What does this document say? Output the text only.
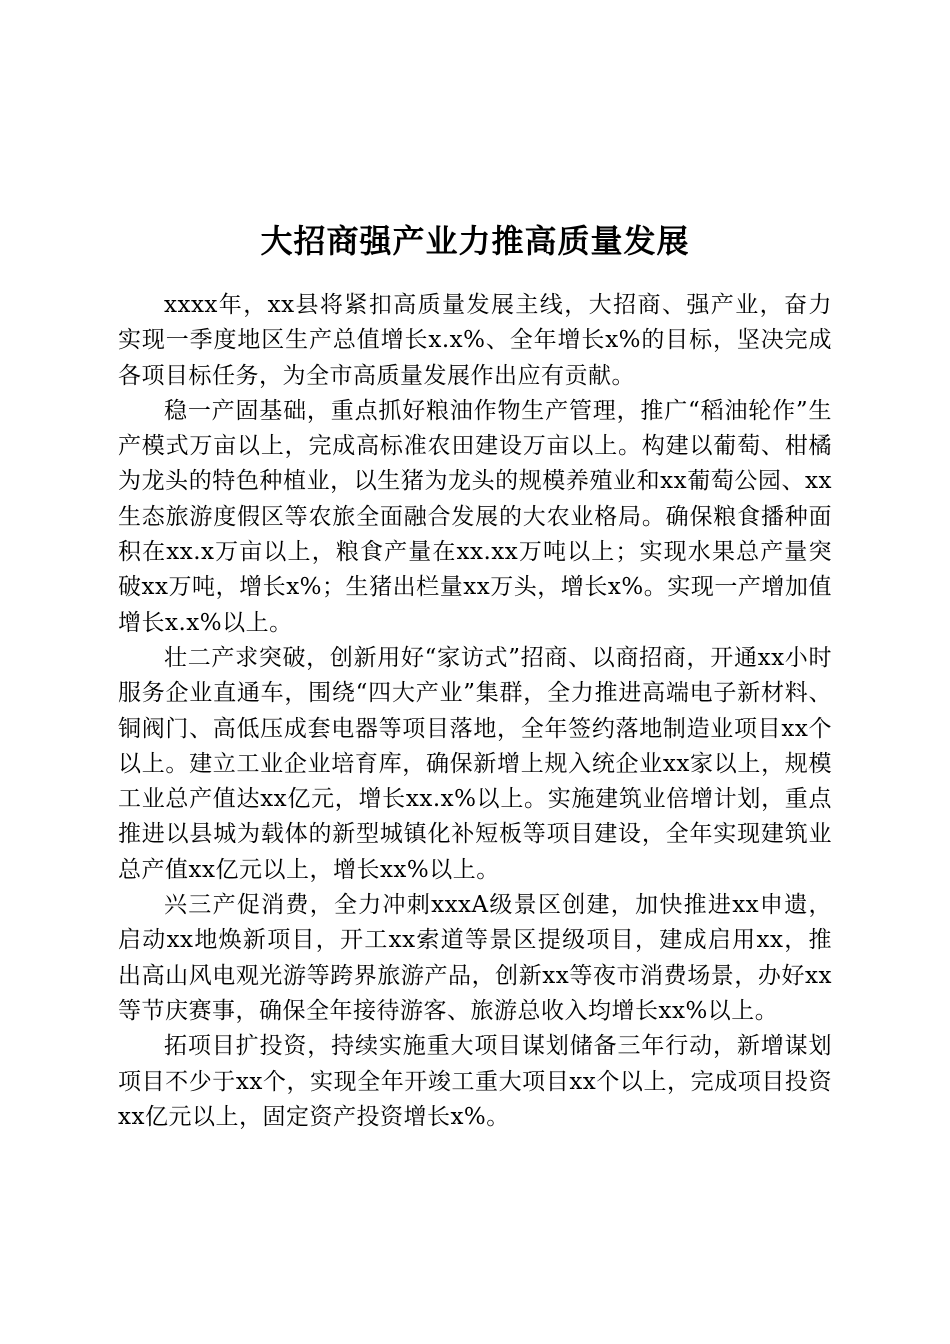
大招商强产业力推高质量发展

xxxx年，xx县将紧扣高质量发展主线，大招商、强产业，奋力实现一季度地区生产总值增长x.x%、全年增长x%的目标，坚决完成各项目标任务，为全市高质量发展作出应有贡献。

稳一产固基础，重点抓好粮油作物生产管理，推广“稻油轮作”生产模式万亩以上，完成高标准农田建设万亩以上。构建以葡萄、柑橘为龙头的特色种植业，以生猪为龙头的规模养殖业和xx葡萄公园、xx生态旅游度假区等农旅全面融合发展的大农业格局。确保粮食播种面积在xx.x万亩以上，粮食产量在xx.xx万吨以上；实现水果总产量突破xx万吨，增长x%；生猪出栏量xx万头，增长x%。实现一产增加值增长x.x%以上。

壮二产求突破，创新用好“家访式”招商、以商招商，开通xx小时服务企业直通车，围绕“四大产业”集群，全力推进高端电子新材料、铜阀门、高低压成套电器等项目落地，全年签约落地制造业项目xx个以上。建立工业企业培育库，确保新增上规入统企业xx家以上，规模工业总产值达xx亿元，增长xx.x%以上。实施建筑业倍增计划，重点推进以县城为载体的新型城镇化补短板等项目建设，全年实现建筑业总产值xx亿元以上，增长xx%以上。

兴三产促消费，全力冲刺xxxA级景区创建，加快推进xx申遗，启动xx地焕新项目，开工xx索道等景区提级项目，建成启用xx，推出高山风电观光游等跨界旅游产品，创新xx等夜市消费场景，办好xx等节庆赛事，确保全年接待游客、旅游总收入均增长xx%以上。

拓项目扩投资，持续实施重大项目谋划储备三年行动，新增谋划项目不少于xx个，实现全年开竣工重大项目xx个以上，完成项目投资xx亿元以上，固定资产投资增长x%。
